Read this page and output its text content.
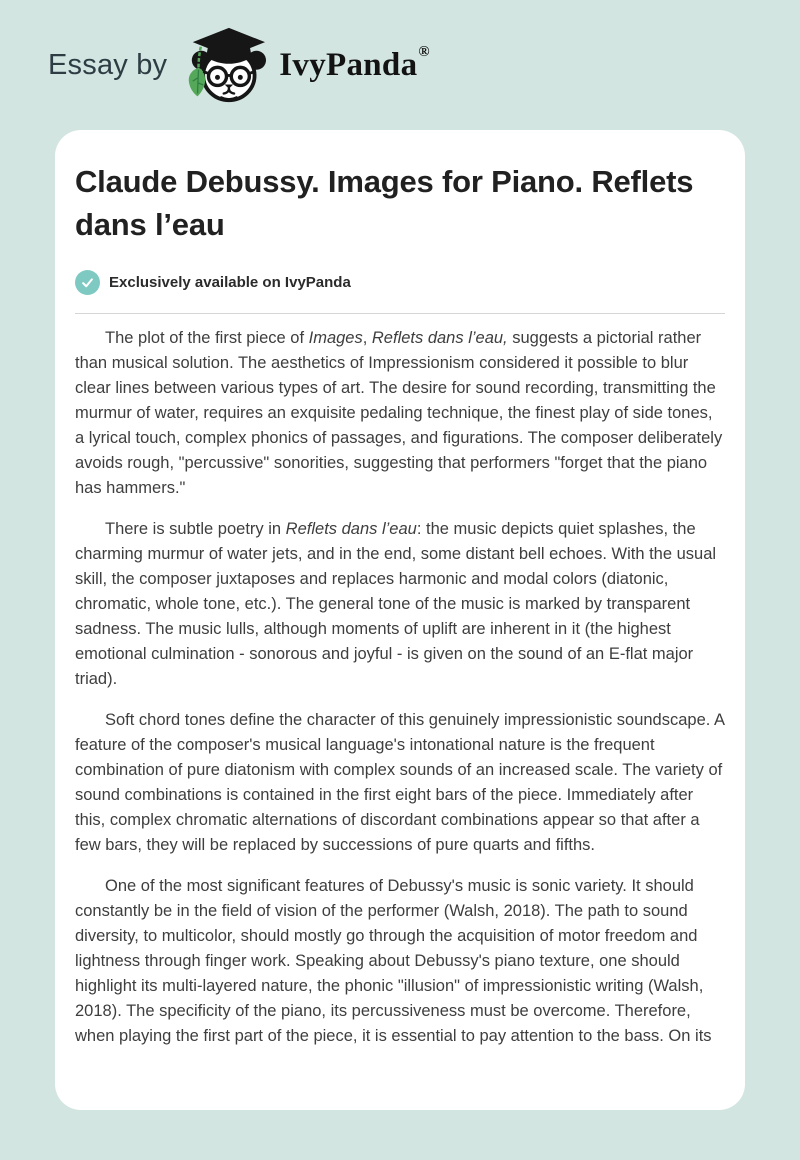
Essay by	IvyPanda ®
Claude Debussy. Images for Piano. Reflets dans l’eau
Exclusively available on IvyPanda

The plot of the first piece of Images, Reflets dans l’eau, suggests a pictorial rather than musical solution. The aesthetics of Impressionism considered it possible to blur clear lines between various types of art. The desire for sound recording, transmitting the murmur of water, requires an exquisite pedaling technique, the finest play of side tones, a lyrical touch, complex phonics of passages, and figurations. The composer deliberately avoids rough, "percussive" sonorities, suggesting that performers "forget that the piano has hammers."

There is subtle poetry in Reflets dans l’eau: the music depicts quiet splashes, the charming murmur of water jets, and in the end, some distant bell echoes. With the usual skill, the composer juxtaposes and replaces harmonic and modal colors (diatonic, chromatic, whole tone, etc.). The general tone of the music is marked by transparent sadness. The music lulls, although moments of uplift are inherent in it (the highest emotional culmination - sonorous and joyful - is given on the sound of an E-flat major triad).

Soft chord tones define the character of this genuinely impressionistic soundscape. A feature of the composer's musical language's intonational nature is the frequent combination of pure diatonism with complex sounds of an increased scale. The variety of sound combinations is contained in the first eight bars of the piece. Immediately after this, complex chromatic alternations of discordant combinations appear so that after a few bars, they will be replaced by successions of pure quarts and fifths.

One of the most significant features of Debussy's music is sonic variety. It should constantly be in the field of vision of the performer (Walsh, 2018). The path to sound diversity, to multicolor, should mostly go through the acquisition of motor freedom and lightness through finger work. Speaking about Debussy's piano texture, one should highlight its multi-layered nature, the phonic "illusion" of impressionistic writing (Walsh, 2018). The specificity of the piano, its percussiveness must be overcome. Therefore, when playing the first part of the piece, it is essential to pay attention to the bass. On its
